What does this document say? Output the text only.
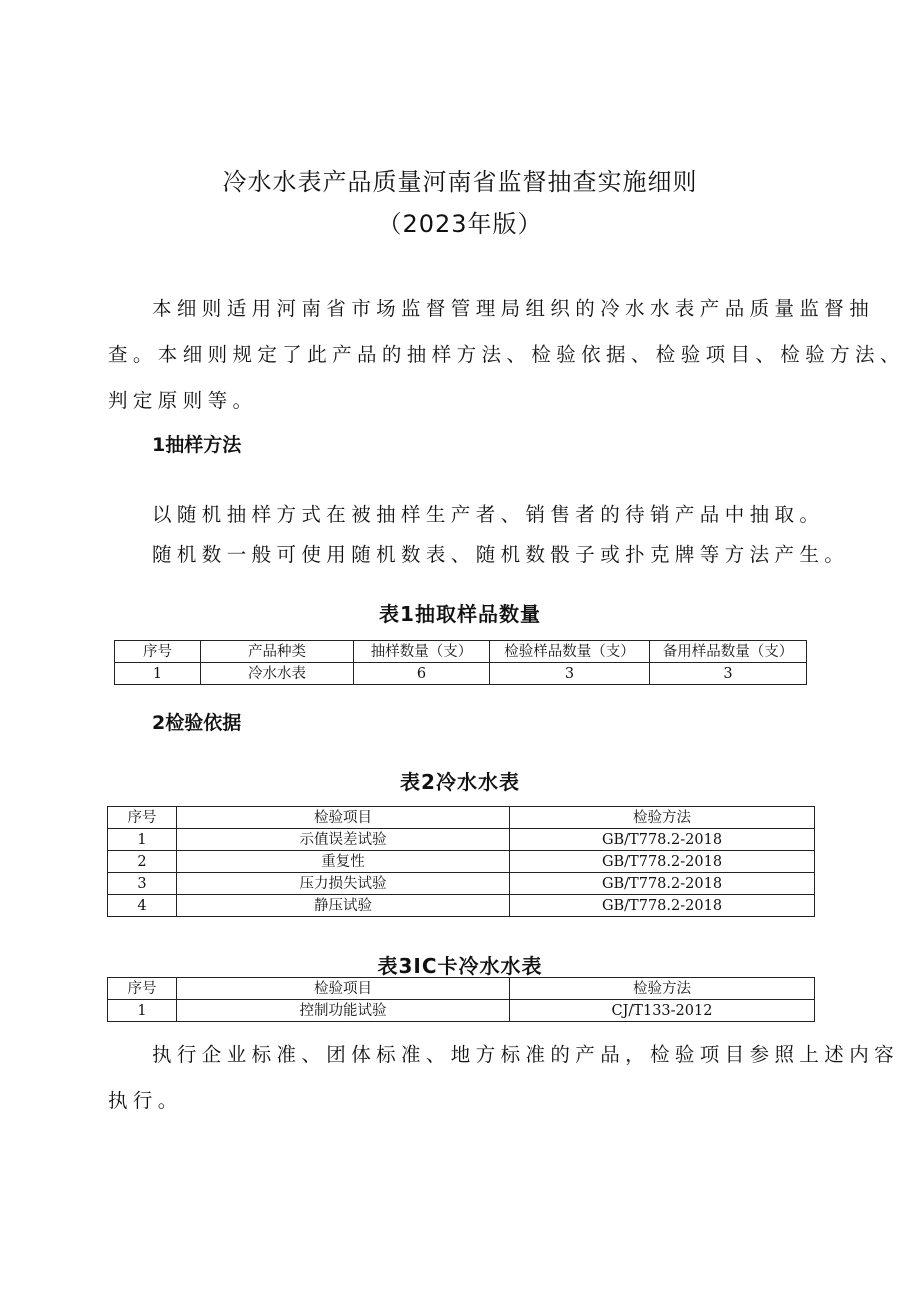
冷水水表产品质量河南省监督抽查实施细则
（2023年版）
本细则适用河南省市场监督管理局组织的冷水水表产品质量监督抽
查。本细则规定了此产品的抽样方法、检验依据、检验项目、检验方法、
判定原则等。
1抽样方法
以随机抽样方式在被抽样生产者、销售者的待销产品中抽取。
随机数一般可使用随机数表、随机数骰子或扑克牌等方法产生。
表1抽取样品数量
序号	产品种类	抽样数量（支）	检验样品数量（支）	备用样品数量（支）
1	冷水水表	6	3	3
2检验依据
表2冷水水表
序号	检验项目	检验方法
1	示值误差试验	GB/T778.2-2018
2	重复性	GB/T778.2-2018
3	压力损失试验	GB/T778.2-2018
4	静压试验	GB/T778.2-2018
表3IC卡冷水水表
序号	检验项目	检验方法
1	控制功能试验	CJ/T133-2012
执行企业标准、团体标准、地方标准的产品，检验项目参照上述内容
执行。
